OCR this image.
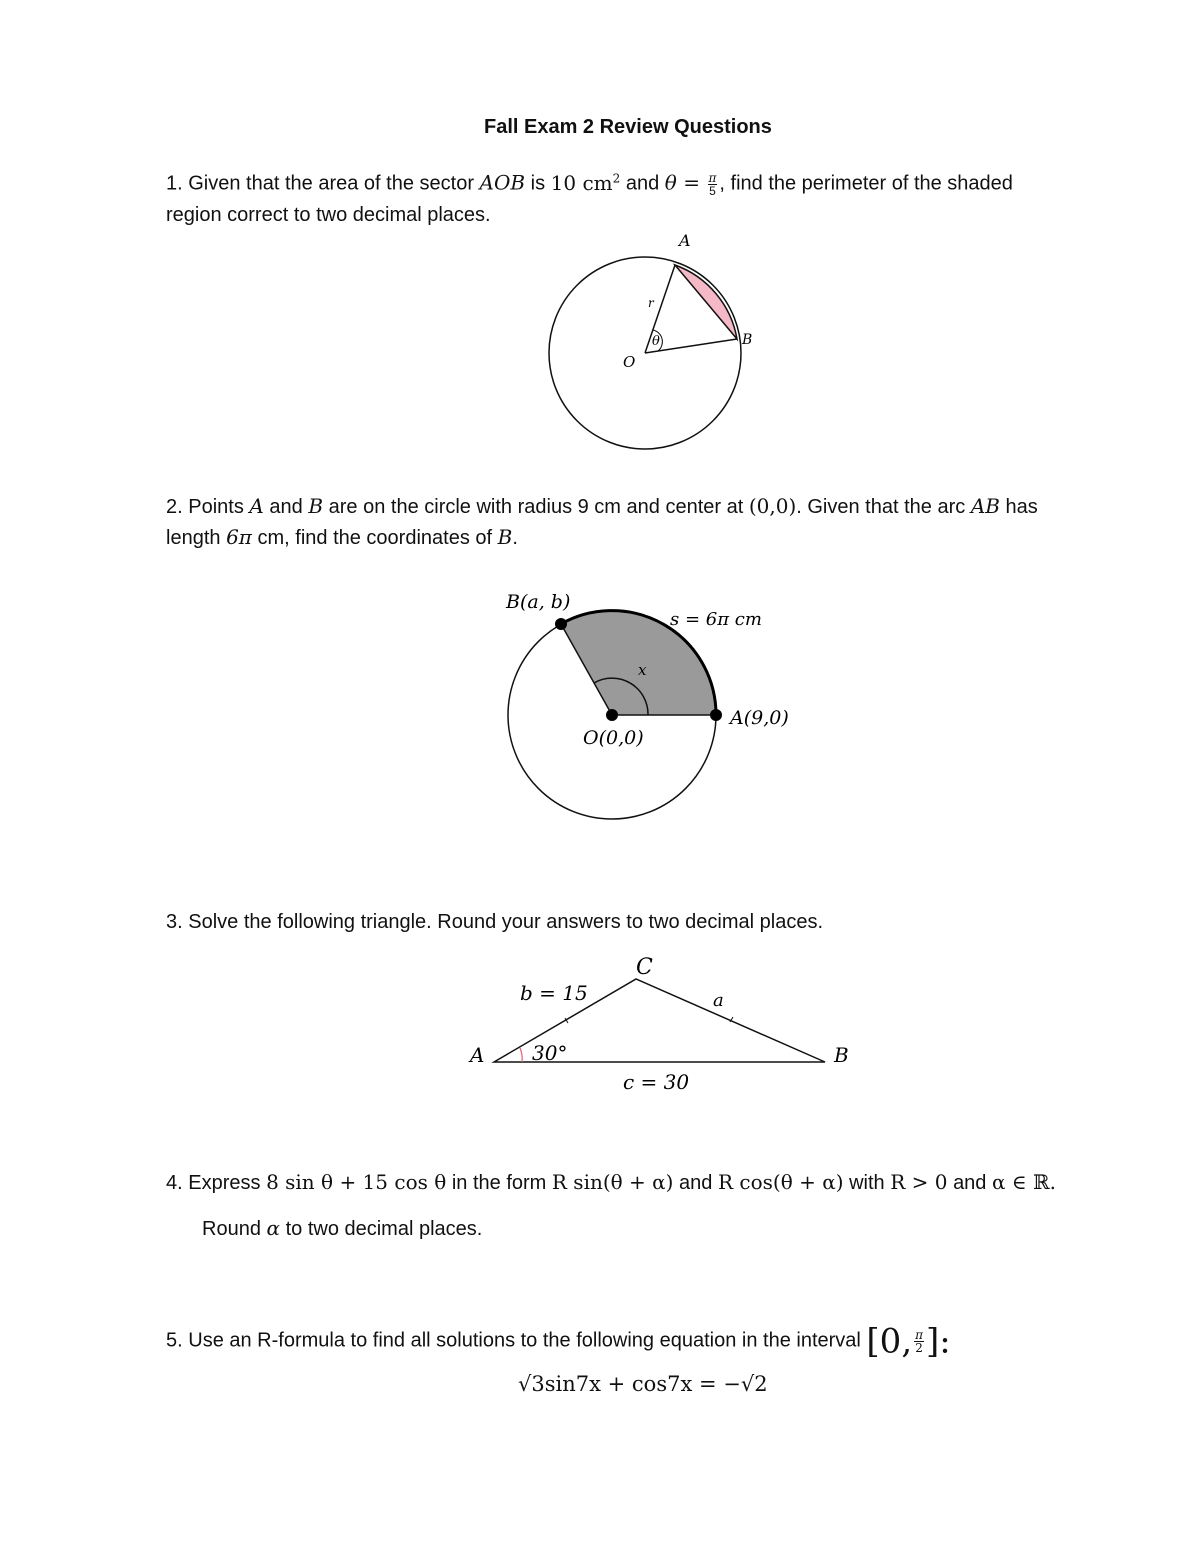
Fall Exam 2 Review Questions
1. Given that the area of the sector AOB is 10 $cm^2$ and $\theta = \frac{\pi}{5}$ , find the perimeter of the shaded
region correct to two decimal places.
A
B
O
r
θ
2. Points A and B are on the circle with radius 9 cm and center at (0,0). Given that the arc AB has
length 6π cm, find the coordinates of B.
B(a, b)
s = 6π cm
x
A(9,0)
O(0,0)
3. Solve the following triangle. Round your answers to two decimal places.
C
b = 15	a
A 30°	B
c = 30
4. Express 8 sin θ + 15 cos θ in the form R sin(θ + α) and R cos(θ + α) with R > 0 and α ∈ ℝ.
Round α to two decimal places.
5. Use an R-formula to find all solutions to the following equation in the interval [0, $\frac{\pi}{2}$ ]:
√3sin7x + cos7x = −√2
